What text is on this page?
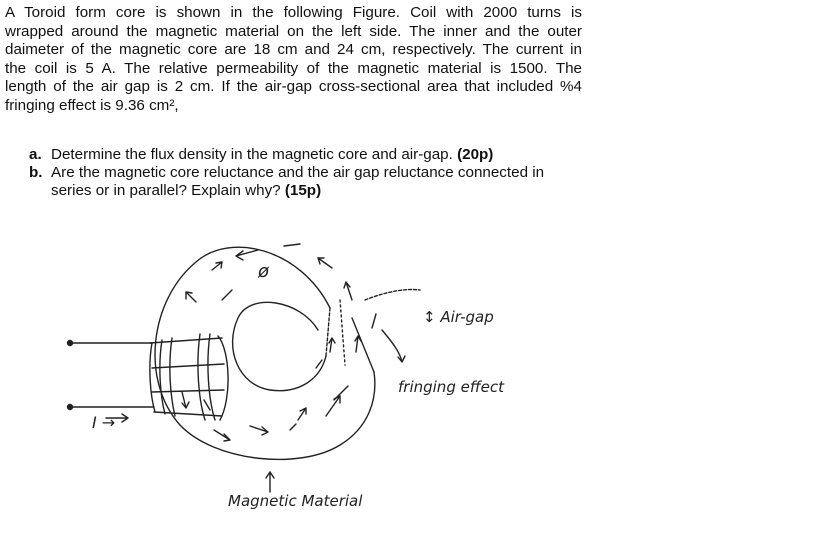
A Toroid form core is shown in the following Figure. Coil with 2000 turns is
wrapped around the magnetic material on the left side. The inner and the outer
daimeter of the magnetic core are 18 cm and 24 cm, respectively. The current in
the coil is 5 A. The relative permeability of the magnetic material is 1500. The
length of the air gap is 2 cm. If the air-gap cross-sectional area that included %4
fringing effect is 9.36 cm²,
a. Determine the flux density in the magnetic core and air-gap. (20p)
b. Are the magnetic core reluctance and the air gap reluctance connected in
series or in parallel? Explain why? (15p)
ø
↕ Air-gap
fringing effect
I →
Magnetic Material
